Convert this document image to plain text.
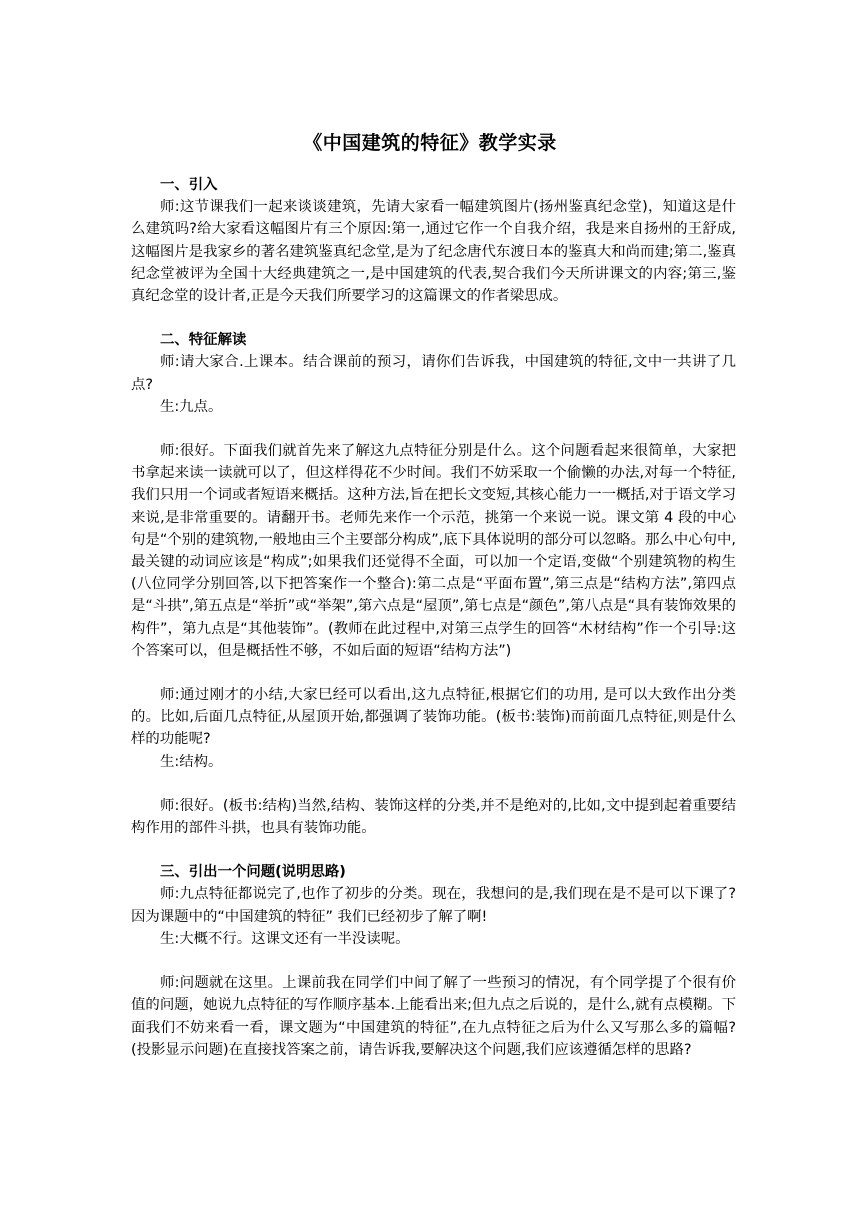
《中国建筑的特征》教学实录

一、引入

师:这节课我们一起来谈谈建筑，先请大家看一幅建筑图片(扬州鉴真纪念堂)，知道这是什么建筑吗?给大家看这幅图片有三个原因:第一,通过它作一个自我介绍，我是来自扬州的王舒成,这幅图片是我家乡的著名建筑鉴真纪念堂,是为了纪念唐代东渡日本的鉴真大和尚而建;第二,鉴真纪念堂被评为全国十大经典建筑之一,是中国建筑的代表,契合我们今天所讲课文的内容;第三,鉴真纪念堂的设计者,正是今天我们所要学习的这篇课文的作者梁思成。

二、特征解读

师:请大家合.上课本。结合课前的预习，请你们告诉我，中国建筑的特征,文中一共讲了几点?

生:九点。

师:很好。下面我们就首先来了解这九点特征分别是什么。这个问题看起来很简单，大家把书拿起来读一读就可以了，但这样得花不少时间。我们不妨采取一个偷懒的办法,对每一个特征,我们只用一个词或者短语来概括。这种方法,旨在把长文变短,其核心能力一一概括,对于语文学习来说,是非常重要的。请翻开书。老师先来作一个示范，挑第一个来说一说。课文第 4 段的中心句是“个别的建筑物,一般地由三个主要部分构成”,底下具体说明的部分可以忽略。那么中心句中,最关键的动词应该是“构成”;如果我们还觉得不全面，可以加一个定语,变做“个别建筑物的构生(八位同学分别回答,以下把答案作一个整合):第二点是“平面布置”,第三点是“结构方法”,第四点是“斗拱”,第五点是“举折”或“举架”,第六点是“屋顶”,第七点是“颜色”,第八点是“具有装饰效果的构件”，第九点是“其他装饰”。(教师在此过程中,对第三点学生的回答“木材结构”作一个引导:这个答案可以，但是概括性不够，不如后面的短语“结构方法”)

师:通过刚才的小结,大家巳经可以看出,这九点特征,根据它们的功用, 是可以大致作出分类的。比如,后面几点特征,从屋顶开始,都强调了装饰功能。(板书:装饰)而前面几点特征,则是什么样的功能呢?

生:结构。

师:很好。(板书:结构)当然,结构、装饰这样的分类,并不是绝对的,比如,文中提到起着重要结构作用的部件斗拱，也具有装饰功能。

三、引出一个问题(说明思路)

师:九点特征都说完了,也作了初步的分类。现在，我想问的是,我们现在是不是可以下课了?因为课题中的“中国建筑的特征” 我们已经初步了解了啊!

生:大概不行。这课文还有一半没读呢。

师:问题就在这里。上课前我在同学们中间了解了一些预习的情况，有个同学提了个很有价值的问题，她说九点特征的写作顺序基本.上能看出来;但九点之后说的，是什么,就有点模糊。下面我们不妨来看一看，课文题为“中国建筑的特征”,在九点特征之后为什么又写那么多的篇幅?(投影显示问题)在直接找答案之前，请告诉我,要解决这个问题,我们应该遵循怎样的思路?
